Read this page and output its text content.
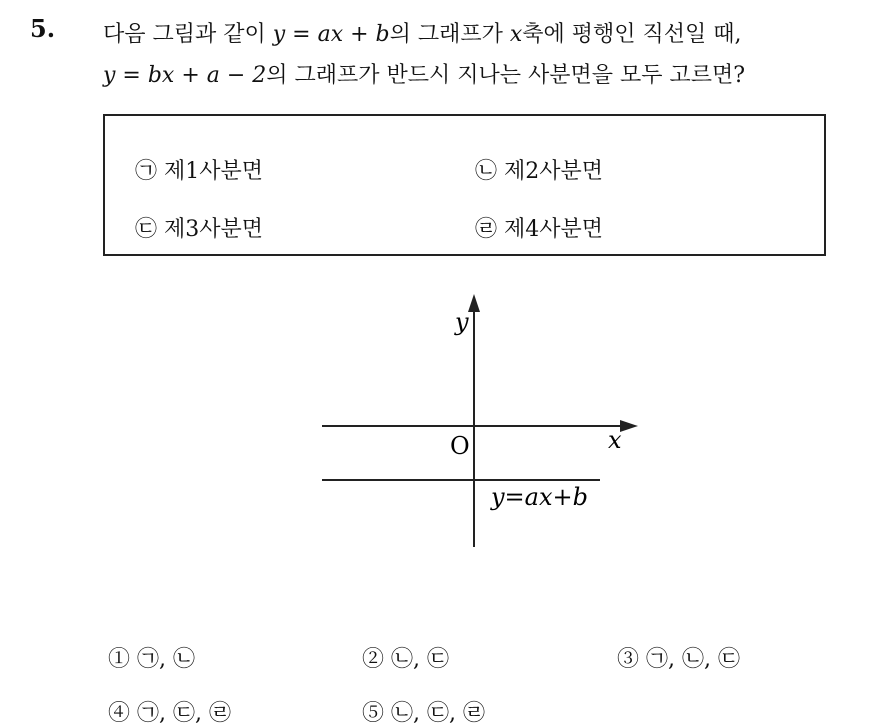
5. 다음 그림과 같이 y = ax + b의 그래프가 x축에 평행인 직선일 때,
y = bx + a − 2의 그래프가 반드시 지나는 사분면을 모두 고르면?
㉠ 제1사분면	㉡ 제2사분면
㉢ 제3사분면	㉣ 제4사분면
y
x
O
y=ax+b
① ㉠, ㉡	② ㉡, ㉢	③ ㉠, ㉡, ㉢
④ ㉠, ㉢, ㉣	⑤ ㉡, ㉢, ㉣
